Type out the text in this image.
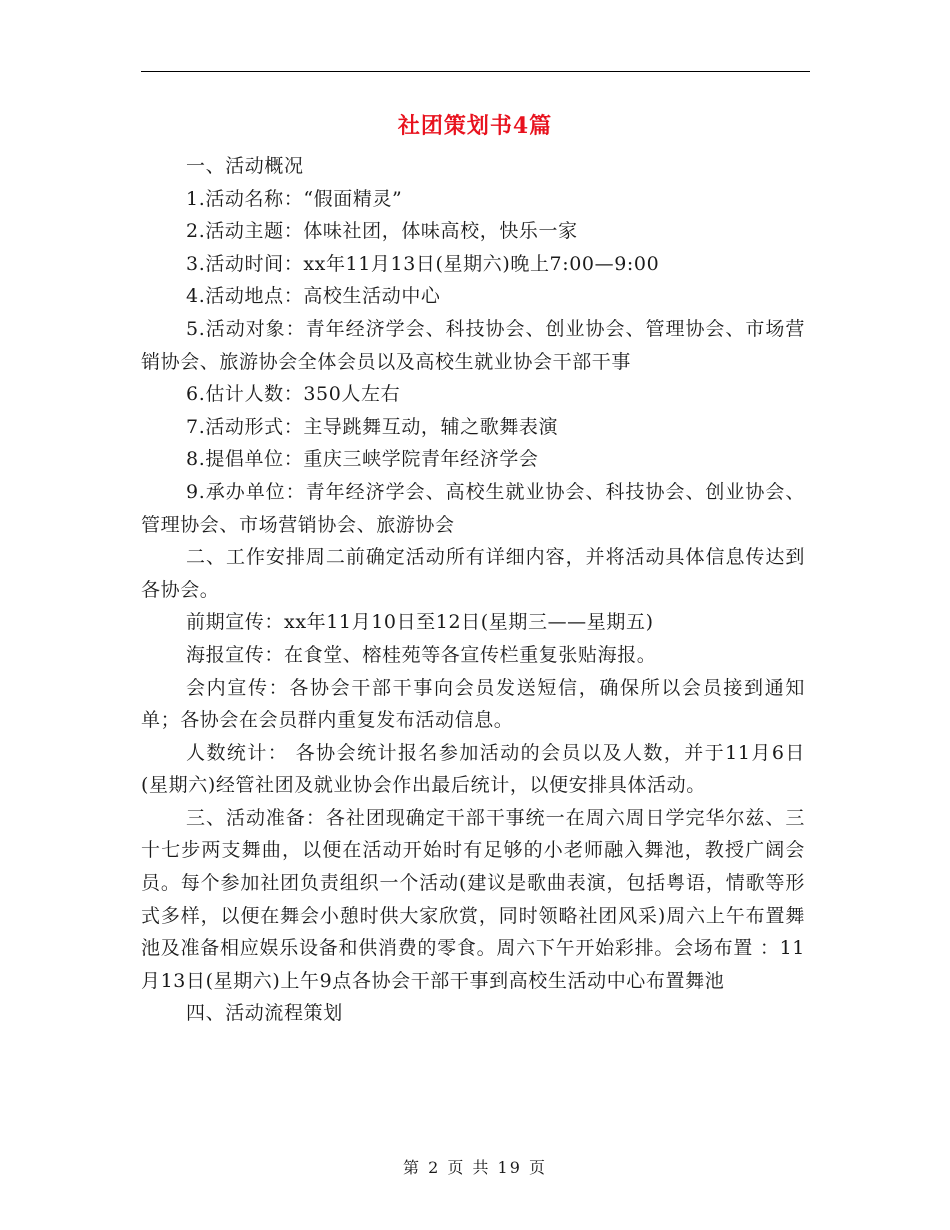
社团策划书4篇

一、活动概况

1.活动名称：“假面精灵”

2.活动主题：体味社团，体味高校，快乐一家

3.活动时间：xx年11月13日(星期六)晚上7:00—9:00

4.活动地点：高校生活动中心

5.活动对象：青年经济学会、科技协会、创业协会、管理协会、市场营销协会、旅游协会全体会员以及高校生就业协会干部干事

6.估计人数：350人左右

7.活动形式：主导跳舞互动，辅之歌舞表演

8.提倡单位：重庆三峡学院青年经济学会

9.承办单位：青年经济学会、高校生就业协会、科技协会、创业协会、管理协会、市场营销协会、旅游协会

二、工作安排周二前确定活动所有详细内容，并将活动具体信息传达到各协会。

前期宣传：xx年11月10日至12日(星期三——星期五)

海报宣传：在食堂、榕桂苑等各宣传栏重复张贴海报。

会内宣传：各协会干部干事向会员发送短信，确保所以会员接到通知单；各协会在会员群内重复发布活动信息。

人数统计： 各协会统计报名参加活动的会员以及人数，并于11月6日(星期六)经管社团及就业协会作出最后统计，以便安排具体活动。

三、活动准备：各社团现确定干部干事统一在周六周日学完华尔兹、三十七步两支舞曲，以便在活动开始时有足够的小老师融入舞池，教授广阔会员。每个参加社团负责组织一个活动(建议是歌曲表演，包括粤语，情歌等形式多样，以便在舞会小憩时供大家欣赏，同时领略社团风采)周六上午布置舞池及准备相应娱乐设备和供消费的零食。周六下午开始彩排。会场布置 ：11月13日(星期六)上午9点各协会干部干事到高校生活动中心布置舞池

四、活动流程策划

第 2 页 共 19 页
